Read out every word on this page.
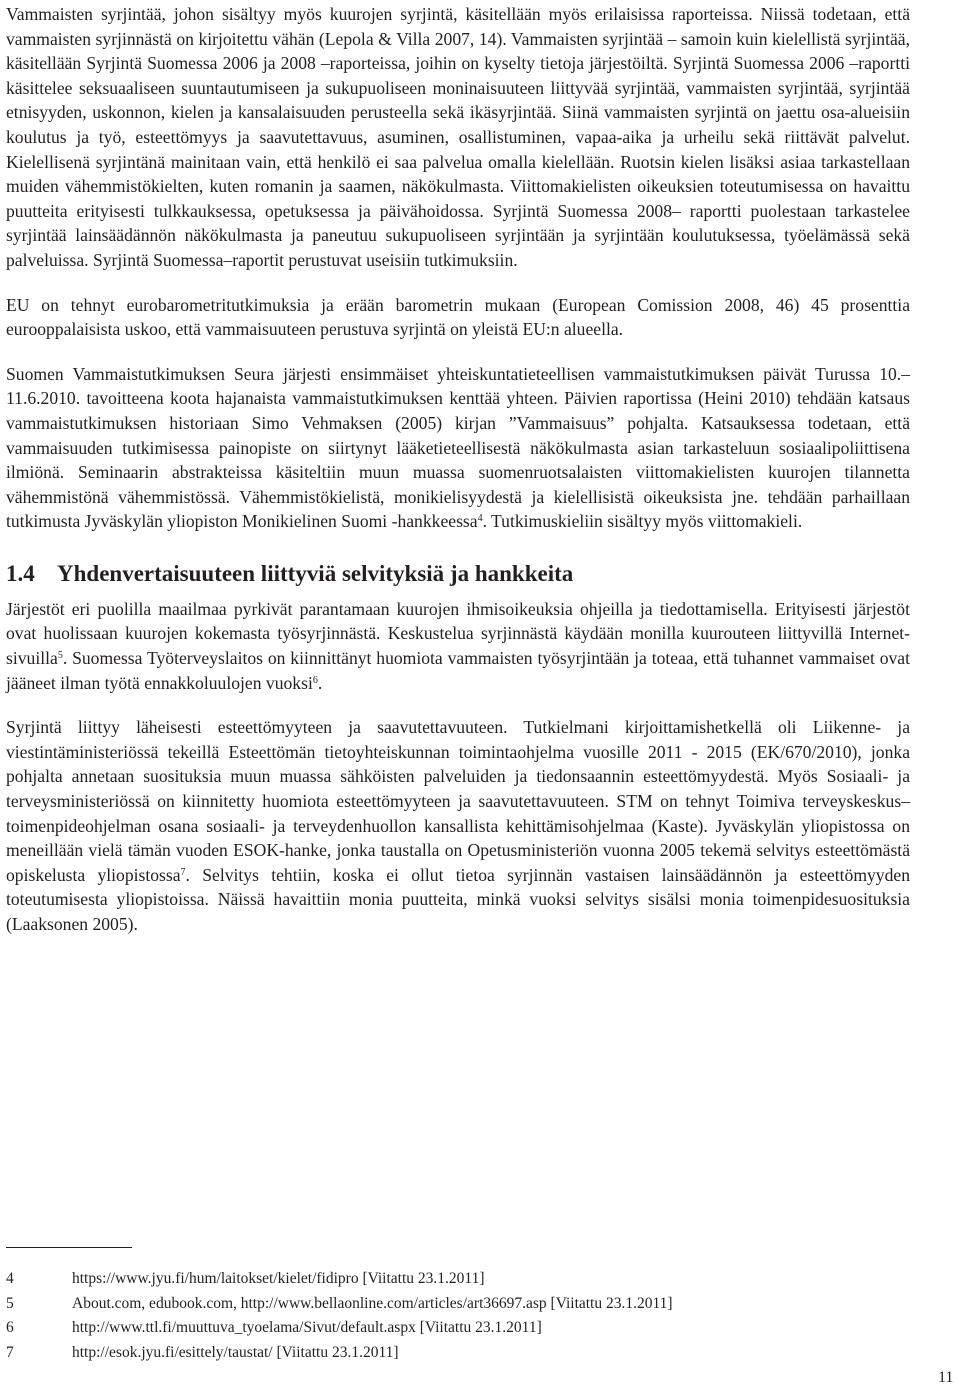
Vammaisten syrjintää, johon sisältyy myös kuurojen syrjintä, käsitellään myös erilaisissa raporteissa. Niissä todetaan, että vammaisten syrjinnästä on kirjoitettu vähän (Lepola & Villa 2007, 14). Vammaisten syrjintää – samoin kuin kielellistä syrjintää, käsitellään Syrjintä Suomessa 2006 ja 2008 –raporteissa, joihin on kyselty tietoja järjestöiltä. Syrjintä Suomessa 2006 –raportti käsittelee seksuaaliseen suuntautumiseen ja sukupuoliseen moninaisuuteen liittyvää syrjintää, vammaisten syrjintää, syrjintää etnisyyden, uskonnon, kielen ja kansalaisuuden perusteella sekä ikäsyrjintää. Siinä vammaisten syrjintä on jaettu osa-alueisiin koulutus ja työ, esteettömyys ja saavutettavuus, asuminen, osallistuminen, vapaa-aika ja urheilu sekä riittävät palvelut. Kielellisenä syrjintänä mainitaan vain, että henkilö ei saa palvelua omalla kielellään. Ruotsin kielen lisäksi asiaa tarkastellaan muiden vähemmistökielten, kuten romanin ja saamen, näkökulmasta. Viittomakielisten oikeuksien toteutumisessa on havaittu puutteita erityisesti tulkkauksessa, opetuksessa ja päivähoidossa. Syrjintä Suomessa 2008– raportti puolestaan tarkastelee syrjintää lainsäädännön näkökulmasta ja paneutuu sukupuoliseen syrjintään ja syrjintään koulutuksessa, työelämässä sekä palveluissa. Syrjintä Suomessa–raportit perustuvat useisiin tutkimuksiin.

EU on tehnyt eurobarometritutkimuksia ja erään barometrin mukaan (European Comission 2008, 46) 45 prosenttia eurooppalaisista uskoo, että vammaisuuteen perustuva syrjintä on yleistä EU:n alueella.

Suomen Vammaistutkimuksen Seura järjesti ensimmäiset yhteiskuntatieteellisen vammaistutkimuksen päivät Turussa 10.–11.6.2010. tavoitteena koota hajanaista vammaistutkimuksen kenttää yhteen. Päivien raportissa (Heini 2010) tehdään katsaus vammaistutkimuksen historiaan Simo Vehmaksen (2005) kirjan ”Vammaisuus” pohjalta. Katsauksessa todetaan, että vammaisuuden tutkimisessa painopiste on siirtynyt lääketieteellisestä näkökulmasta asian tarkasteluun sosiaalipoliittisena ilmiönä. Seminaarin abstrakteissa käsiteltiin muun muassa suomenruotsalaisten viittomakielisten kuurojen tilannetta vähemmistönä vähemmistössä. Vähemmistökielistä, monikielisyydestä ja kielellisistä oikeuksista jne. tehdään parhaillaan tutkimusta Jyväskylän yliopiston Monikielinen Suomi -hankkeessa$^4$. Tutkimuskieliin sisältyy myös viittomakieli.

1.4 Yhdenvertaisuuteen liittyviä selvityksiä ja hankkeita

Järjestöt eri puolilla maailmaa pyrkivät parantamaan kuurojen ihmisoikeuksia ohjeilla ja tiedottamisella. Erityisesti järjestöt ovat huolissaan kuurojen kokemasta työsyrjinnästä. Keskustelua syrjinnästä käydään monilla kuurouteen liittyvillä Internet-sivuilla$^5$. Suomessa Työterveyslaitos on kiinnittänyt huomiota vammaisten työsyrjintään ja toteaa, että tuhannet vammaiset ovat jääneet ilman työtä ennakkoluulojen vuoksi$^6$.

Syrjintä liittyy läheisesti esteettömyyteen ja saavutettavuuteen. Tutkielmani kirjoittamishetkellä oli Liikenne- ja viestintäministeriössä tekeillä Esteettömän tietoyhteiskunnan toimintaohjelma vuosille 2011 - 2015 (EK/670/2010), jonka pohjalta annetaan suosituksia muun muassa sähköisten palveluiden ja tiedonsaannin esteettömyydestä. Myös Sosiaali- ja terveysministeriössä on kiinnitetty huomiota esteettömyyteen ja saavutettavuuteen. STM on tehnyt Toimiva terveyskeskus– toimenpideohjelman osana sosiaali- ja terveydenhuollon kansallista kehittämisohjelmaa (Kaste). Jyväskylän yliopistossa on meneillään vielä tämän vuoden ESOK-hanke, jonka taustalla on Opetusministeriön vuonna 2005 tekemä selvitys esteettömästä opiskelusta yliopistossa$^7$. Selvitys tehtiin, koska ei ollut tietoa syrjinnän vastaisen lainsäädännön ja esteettömyyden toteutumisesta yliopistoissa. Näissä havaittiin monia puutteita, minkä vuoksi selvitys sisälsi monia toimenpidesuosituksia (Laaksonen 2005).

4	https://www.jyu.fi/hum/laitokset/kielet/fidipro [Viitattu 23.1.2011]
5	About.com, edubook.com, http://www.bellaonline.com/articles/art36697.asp [Viitattu 23.1.2011]
6	http://www.ttl.fi/muuttuva_tyoelama/Sivut/default.aspx [Viitattu 23.1.2011]
7	http://esok.jyu.fi/esittely/taustat/ [Viitattu 23.1.2011]
11
